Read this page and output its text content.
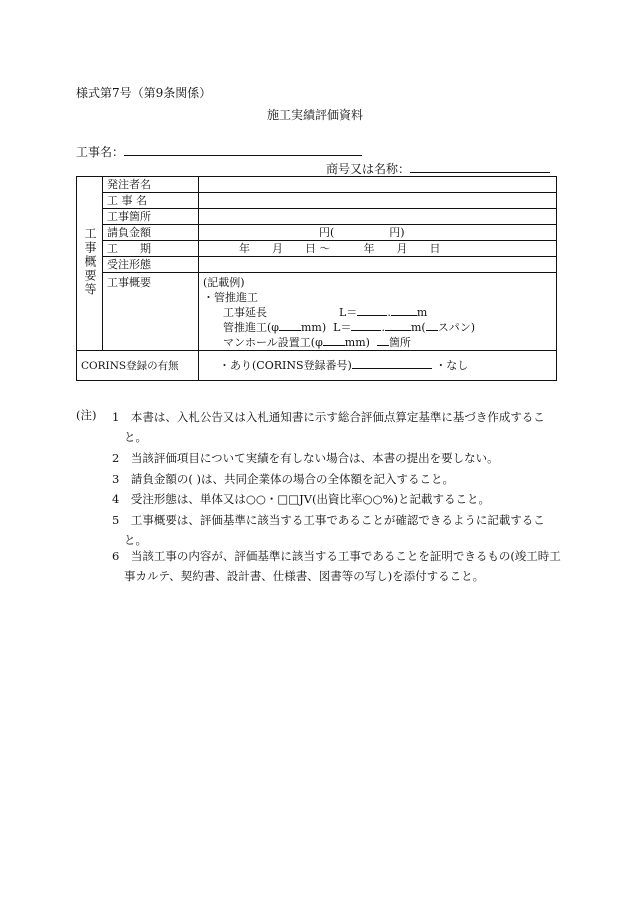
様式第7号（第9条関係）
施工実績評価資料
工事名：
商号又は名称：
工事概要等	発注者名	
	工 事 名	
	工事箇所	
	請負金額	円(　　　　　円)
	工　　期	年　　月　　日 ～　　　年　　月　　日
	受注形態	
	工事概要	(記載例)
・管推進工
工事延長 L＝ . m
管推進工(φ mm) L＝ . m( スパン)
マンホール設置工(φ mm) 箇所

CORINS登録の有無		・あり(CORINS登録番号) ・なし
(注) 1　本書は、入札公告又は入札通知書に示す総合評価点算定基準に基づき作成すること。
2　当該評価項目について実績を有しない場合は、本書の提出を要しない。
3　請負金額の( )は、共同企業体の場合の全体額を記入すること。
4　受注形態は、単体又は○○・□□JV(出資比率○○%)と記載すること。
5　工事概要は、評価基準に該当する工事であることが確認できるように記載すること。
6　当該工事の内容が、評価基準に該当する工事であることを証明できるもの(竣工時工事カルテ、契約書、設計書、仕様書、図書等の写し)を添付すること。
